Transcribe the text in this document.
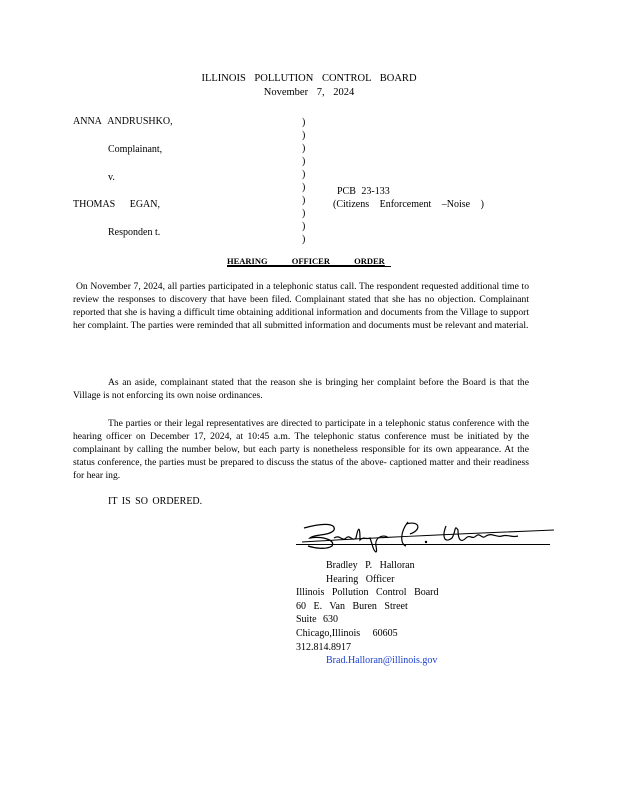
ILLINOIS POLLUTION CONTROL BOARD
November 7, 2024
ANNA ANDRUSHKO,
Complainant,
v.
THOMAS EGAN,
Responden t.
)
)
)
)
)
)
)
)
)
)
PCB 23-133
(Citizens Enforcement –Noise )
HEARING OFFICER ORDER

On November 7, 2024, all parties participated in a telephonic status call. The respondent requested additional time to review the responses to discovery that have been filed. Complainant stated that she has no objection. Complainant reported that she is having a difficult time obtaining additional information and documents from the Village to support her complaint. The parties were reminded that all submitted information and documents must be relevant and material.

As an aside, complainant stated that the reason she is bringing her complaint before the Board is that the Village is not enforcing its own noise ordinances.

The parties or their legal representatives are directed to participate in a telephonic status conference with the hearing officer on December 17, 2024, at 10:45 a.m. The telephonic status conference must be initiated by the complainant by calling the number below, but each party is nonetheless responsible for its own appearance. At the status conference, the parties must be prepared to discuss the status of the above- captioned matter and their readiness for hear ing.

IT IS SO ORDERED.
Bradley P. Halloran
Hearing Officer
Illinois Pollution Control Board
60 E. Van Buren Street
Suite 630
Chicago,Illinois 60605
312.814.8917
Brad.Halloran@illinois.gov
